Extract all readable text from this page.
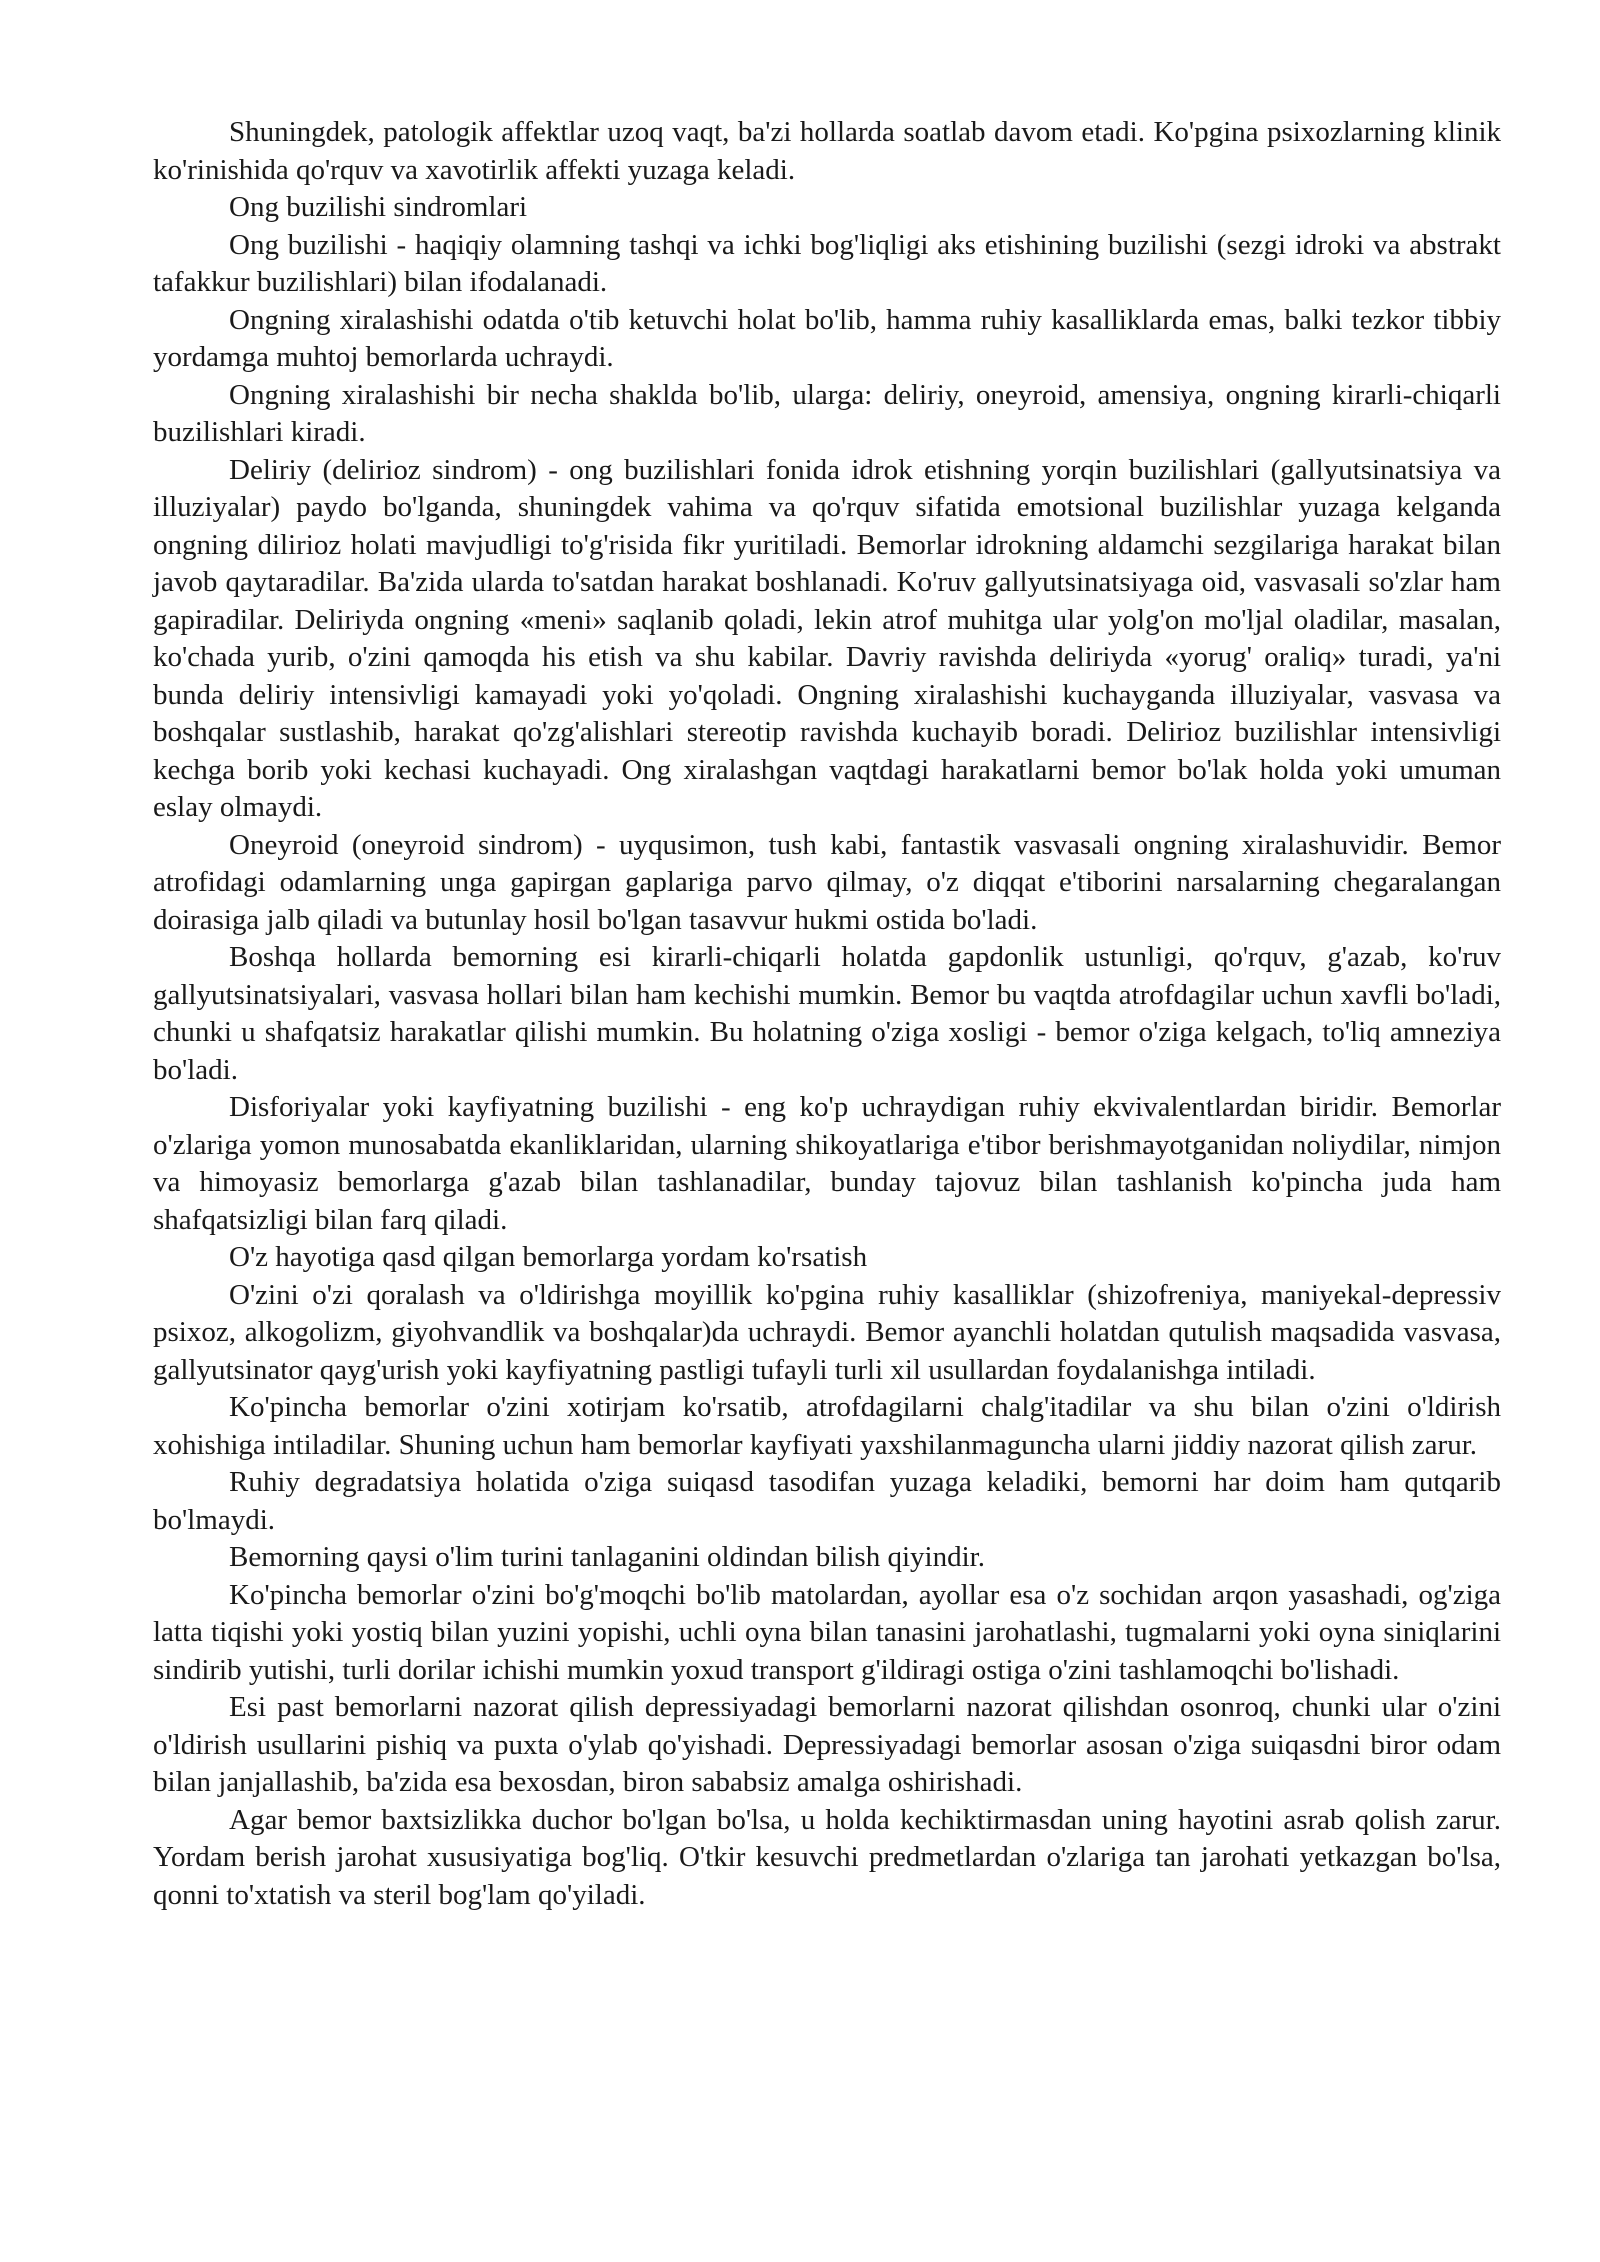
Shuningdek, patologik affektlar uzoq vaqt, ba'zi hollarda soatlab davom etadi. Ko'pgina psixozlarning klinik ko'rinishida qo'rquv va xavotirlik affekti yuzaga keladi.

Ong buzilishi sindromlari

Ong buzilishi - haqiqiy olamning tashqi va ichki bog'liqligi aks etishining buzilishi (sezgi idroki va abstrakt tafakkur buzilishlari) bilan ifodalanadi.

Ongning xiralashishi odatda o'tib ketuvchi holat bo'lib, hamma ruhiy kasalliklarda emas, balki tezkor tibbiy yordamga muhtoj bemorlarda uchraydi.

Ongning xiralashishi bir necha shaklda bo'lib, ularga: deliriy, oneyroid, amensiya, ongning kirarli-chiqarli buzilishlari kiradi.

Deliriy (delirioz sindrom) - ong buzilishlari fonida idrok etishning yorqin buzilishlari (gallyutsinatsiya va illuziyalar) paydo bo'lganda, shuningdek vahima va qo'rquv sifatida emotsional buzilishlar yuzaga kelganda ongning dilirioz holati mavjudligi to'g'risida fikr yuritiladi. Bemorlar idrokning aldamchi sezgilariga harakat bilan javob qaytaradilar. Ba'zida ularda to'satdan harakat boshlanadi. Ko'ruv gallyutsinatsiyaga oid, vasvasali so'zlar ham gapiradilar. Deliriyda ongning «meni» saqlanib qoladi, lekin atrof muhitga ular yolg'on mo'ljal oladilar, masalan, ko'chada yurib, o'zini qamoqda his etish va shu kabilar. Davriy ravishda deliriyda «yorug' oraliq» turadi, ya'ni bunda deliriy intensivligi kamayadi yoki yo'qoladi. Ongning xiralashishi kuchayganda illuziyalar, vasvasa va boshqalar sustlashib, harakat qo'zg'alishlari stereotip ravishda kuchayib boradi. Delirioz buzilishlar intensivligi kechga borib yoki kechasi kuchayadi. Ong xiralashgan vaqtdagi harakatlarni bemor bo'lak holda yoki umuman eslay olmaydi.

Oneyroid (oneyroid sindrom) - uyqusimon, tush kabi, fantastik vasvasali ongning xiralashuvidir. Bemor atrofidagi odamlarning unga gapirgan gaplariga parvo qilmay, o'z diqqat e'tiborini narsalarning chegaralangan doirasiga jalb qiladi va butunlay hosil bo'lgan tasavvur hukmi ostida bo'ladi.

Boshqa hollarda bemorning esi kirarli-chiqarli holatda gapdonlik ustunligi, qo'rquv, g'azab, ko'ruv gallyutsinatsiyalari, vasvasa hollari bilan ham kechishi mumkin. Bemor bu vaqtda atrofdagilar uchun xavfli bo'ladi, chunki u shafqatsiz harakatlar qilishi mumkin. Bu holatning o'ziga xosligi - bemor o'ziga kelgach, to'liq amneziya bo'ladi.

Disforiyalar yoki kayfiyatning buzilishi - eng ko'p uchraydigan ruhiy ekvivalentlardan biridir. Bemorlar o'zlariga yomon munosabatda ekanliklaridan, ularning shikoyatlariga e'tibor berishmayotganidan noliydilar, nimjon va himoyasiz bemorlarga g'azab bilan tashlanadilar, bunday tajovuz bilan tashlanish ko'pincha juda ham shafqatsizligi bilan farq qiladi.

O'z hayotiga qasd qilgan bemorlarga yordam ko'rsatish

O'zini o'zi qoralash va o'ldirishga moyillik ko'pgina ruhiy kasalliklar (shizofreniya, maniyekal-depressiv psixoz, alkogolizm, giyohvandlik va boshqalar)da uchraydi. Bemor ayanchli holatdan qutulish maqsadida vasvasa, gallyutsinator qayg'urish yoki kayfiyatning pastligi tufayli turli xil usullardan foydalanishga intiladi.

Ko'pincha bemorlar o'zini xotirjam ko'rsatib, atrofdagilarni chalg'itadilar va shu bilan o'zini o'ldirish xohishiga intiladilar. Shuning uchun ham bemorlar kayfiyati yaxshilanmaguncha ularni jiddiy nazorat qilish zarur.

Ruhiy degradatsiya holatida o'ziga suiqasd tasodifan yuzaga keladiki, bemorni har doim ham qutqarib bo'lmaydi.

Bemorning qaysi o'lim turini tanlaganini oldindan bilish qiyindir.

Ko'pincha bemorlar o'zini bo'g'moqchi bo'lib matolardan, ayollar esa o'z sochidan arqon yasashadi, og'ziga latta tiqishi yoki yostiq bilan yuzini yopishi, uchli oyna bilan tanasini jarohatlashi, tugmalarni yoki oyna siniqlarini sindirib yutishi, turli dorilar ichishi mumkin yoxud transport g'ildiragi ostiga o'zini tashlamoqchi bo'lishadi.

Esi past bemorlarni nazorat qilish depressiyadagi bemorlarni nazorat qilishdan osonroq, chunki ular o'zini o'ldirish usullarini pishiq va puxta o'ylab qo'yishadi. Depressiyadagi bemorlar asosan o'ziga suiqasdni biror odam bilan janjallashib, ba'zida esa bexosdan, biron sababsiz amalga oshirishadi.

Agar bemor baxtsizlikka duchor bo'lgan bo'lsa, u holda kechiktirmasdan uning hayotini asrab qolish zarur. Yordam berish jarohat xususiyatiga bog'liq. O'tkir kesuvchi predmetlardan o'zlariga tan jarohati yetkazgan bo'lsa, qonni to'xtatish va steril bog'lam qo'yiladi.
